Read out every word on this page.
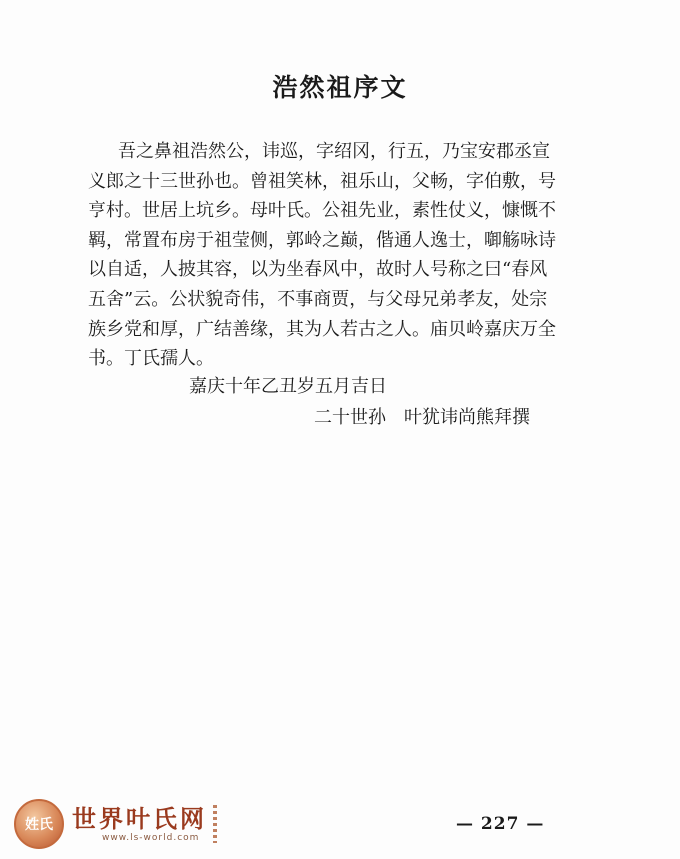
浩然祖序文
吾之鼻祖浩然公，讳巡，字绍冈，行五，乃宝安郡丞宣
义郎之十三世孙也。曾祖笑林，祖乐山，父畅，字伯敷，号
亨村。世居上坑乡。母叶氏。公祖先业，素性仗义，慷慨不
羁，常置布房于祖莹侧，郭岭之巅，偕通人逸士，啣觞咏诗
以自适，人披其容，以为坐春风中，故时人号称之曰“春风
五舍”云。公状貌奇伟，不事商贾，与父母兄弟孝友，处宗
族乡党和厚，广结善缘，其为人若古之人。庙贝岭嘉庆万全
书。丁氏孺人。
嘉庆十年乙丑岁五月吉日
二十世孙 叶犹讳尚熊拜撰
姓氏 世界叶氏网
www.ls-world.com
— 227 —
